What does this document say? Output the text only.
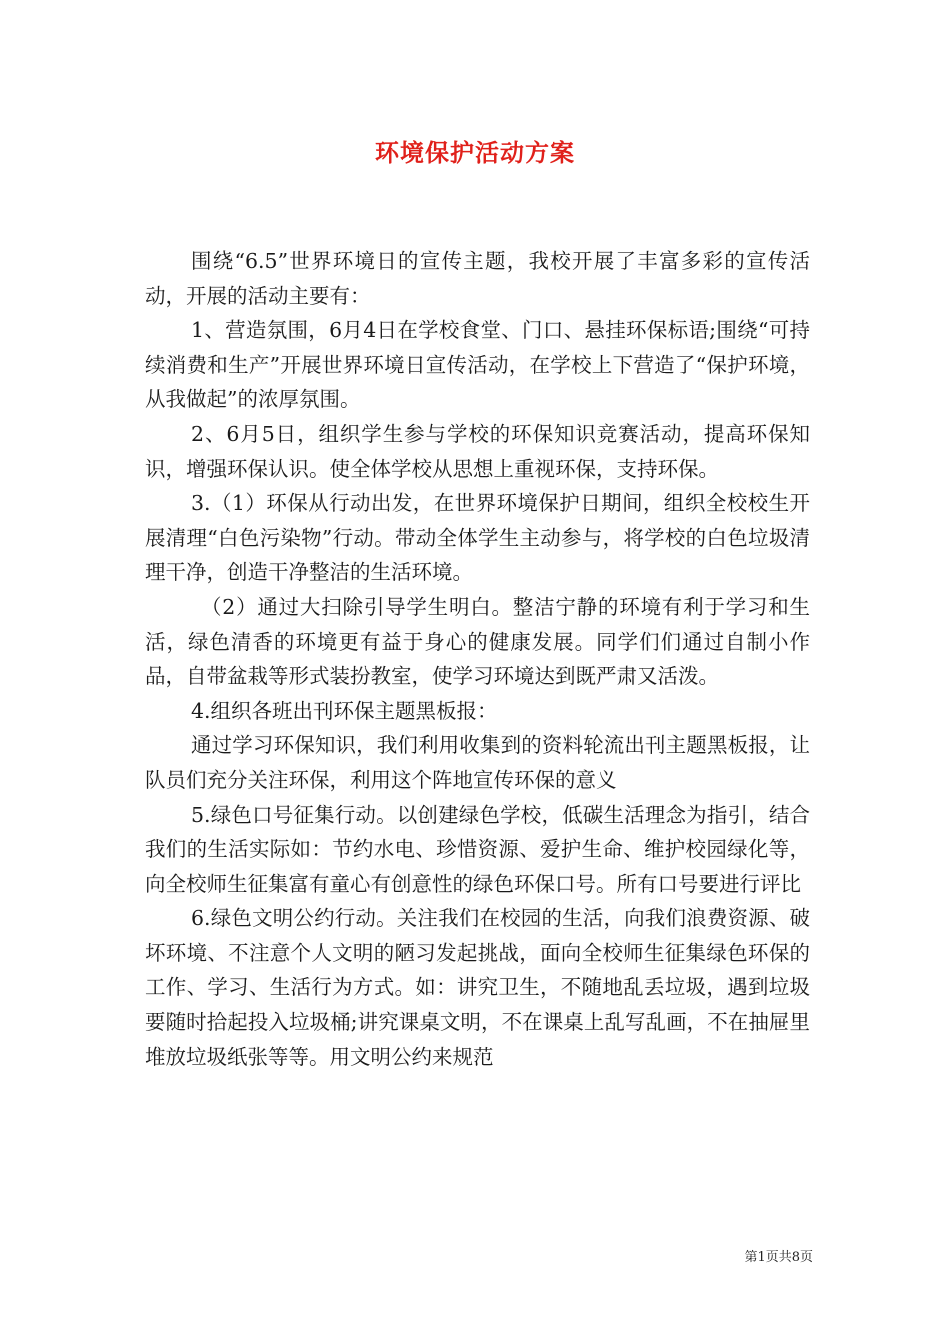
环境保护活动方案

围绕“6.5”世界环境日的宣传主题，我校开展了丰富多彩的宣传活动，开展的活动主要有：

1、营造氛围，6月4日在学校食堂、门口、悬挂环保标语;围绕“可持续消费和生产”开展世界环境日宣传活动，在学校上下营造了“保护环境，从我做起”的浓厚氛围。

2、6月5日，组织学生参与学校的环保知识竞赛活动，提高环保知识，增强环保认识。使全体学校从思想上重视环保，支持环保。

3.（1）环保从行动出发，在世界环境保护日期间，组织全校校生开展清理“白色污染物”行动。带动全体学生主动参与，将学校的白色垃圾清理干净，创造干净整洁的生活环境。

（2）通过大扫除引导学生明白。整洁宁静的环境有利于学习和生活，绿色清香的环境更有益于身心的健康发展。同学们们通过自制小作品，自带盆栽等形式装扮教室，使学习环境达到既严肃又活泼。

4.组织各班出刊环保主题黑板报：

通过学习环保知识，我们利用收集到的资料轮流出刊主题黑板报，让队员们充分关注环保，利用这个阵地宣传环保的意义

5.绿色口号征集行动。以创建绿色学校，低碳生活理念为指引，结合我们的生活实际如：节约水电、珍惜资源、爱护生命、维护校园绿化等，向全校师生征集富有童心有创意性的绿色环保口号。所有口号要进行评比

6.绿色文明公约行动。关注我们在校园的生活，向我们浪费资源、破坏环境、不注意个人文明的陋习发起挑战，面向全校师生征集绿色环保的工作、学习、生活行为方式。如：讲究卫生，不随地乱丢垃圾，遇到垃圾要随时拾起投入垃圾桶;讲究课桌文明，不在课桌上乱写乱画，不在抽屉里堆放垃圾纸张等等。用文明公约来规范

第1页共8页
